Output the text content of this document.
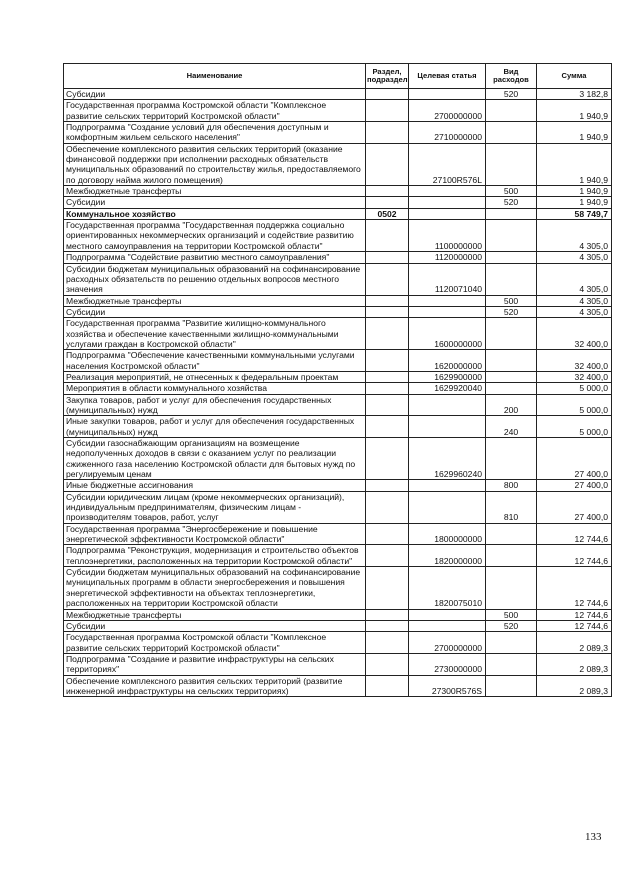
Наименование	Раздел, подраздел	Целевая статья	Вид расходов	Сумма
Субсидии			520	3 182,8
Государственная программа Костромской области "Комплексное развитие сельских территорий Костромской области"		2700000000		1 940,9
Подпрограмма "Создание условий для обеспечения доступным и комфортным жильем сельского населения"		2710000000		1 940,9
Обеспечение комплексного развития сельских территорий (оказание финансовой поддержки при исполнении расходных обязательств муниципальных образований по строительству жилья, предоставляемого по договору найма жилого помещения)		27100R576L		1 940,9
Межбюджетные трансферты			500	1 940,9
Субсидии			520	1 940,9
Коммунальное хозяйство	0502			58 749,7
Государственная программа "Государственная поддержка социально ориентированных некоммерческих организаций и содействие развитию местного самоуправления на территории Костромской области"		1100000000		4 305,0
Подпрограмма "Содействие развитию местного самоуправления"		1120000000		4 305,0
Субсидии бюджетам муниципальных образований на софинансирование расходных обязательств по решению отдельных вопросов местного значения		1120071040		4 305,0
Межбюджетные трансферты			500	4 305,0
Субсидии			520	4 305,0
Государственная программа "Развитие жилищно-коммунального хозяйства и обеспечение качественными жилищно-коммунальными услугами граждан в Костромской области"		1600000000		32 400,0
Подпрограмма "Обеспечение качественными коммунальными услугами населения Костромской области"		1620000000		32 400,0
Реализация мероприятий, не отнесенных к федеральным проектам		1629900000		32 400,0
Мероприятия в области коммунального хозяйства		1629920040		5 000,0
Закупка товаров, работ и услуг для обеспечения государственных (муниципальных) нужд			200	5 000,0
Иные закупки товаров, работ и услуг для обеспечения государственных (муниципальных) нужд			240	5 000,0
Субсидии газоснабжающим организациям на возмещение недополученных доходов в связи с оказанием услуг по реализации сжиженного газа населению Костромской области для бытовых нужд по регулируемым ценам		1629960240		27 400,0
Иные бюджетные ассигнования			800	27 400,0
Субсидии юридическим лицам (кроме некоммерческих организаций), индивидуальным предпринимателям, физическим лицам - производителям товаров, работ, услуг			810	27 400,0
Государственная программа "Энергосбережение и повышение энергетической эффективности Костромской области"		1800000000		12 744,6
Подпрограмма "Реконструкция, модернизация и строительство объектов теплоэнергетики, расположенных на территории Костромской области"		1820000000		12 744,6
Субсидии бюджетам муниципальных образований на софинансирование муниципальных программ в области энергосбережения и повышения энергетической эффективности на объектах теплоэнергетики, расположенных на территории Костромской области		1820075010		12 744,6
Межбюджетные трансферты			500	12 744,6
Субсидии			520	12 744,6
Государственная программа Костромской области "Комплексное развитие сельских территорий Костромской области"		2700000000		2 089,3
Подпрограмма "Создание и развитие инфраструктуры на сельских территориях"		2730000000		2 089,3
Обеспечение комплексного развития сельских территорий (развитие инженерной инфраструктуры на сельских территориях)		27300R576S		2 089,3
133
